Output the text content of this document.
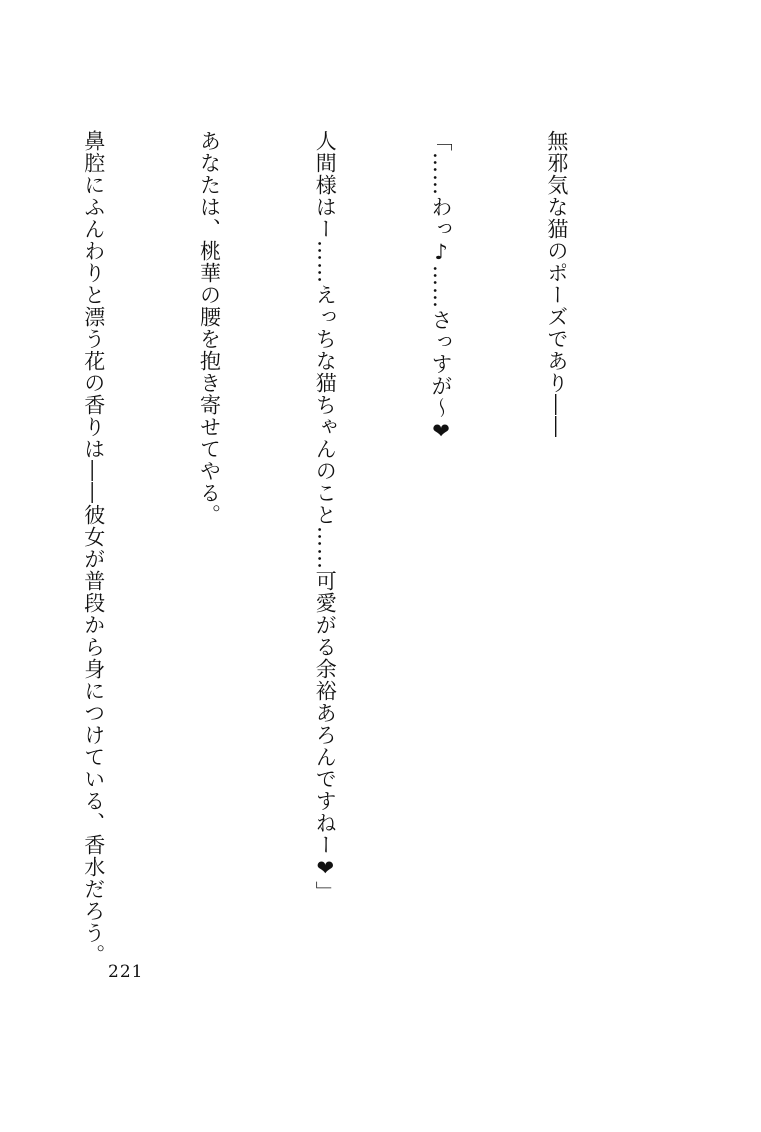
無邪気な猫のポーズであり――

「……わっ♪……さっすが～❤

人間様はー……えっちな猫ちゃんのこと……可愛がる余裕あろんですねー❤」

あなたは、桃華の腰を抱き寄せてやる。

鼻腔にふんわりと漂う花の香りは――彼女が普段から身につけている、香水だろう。

221
